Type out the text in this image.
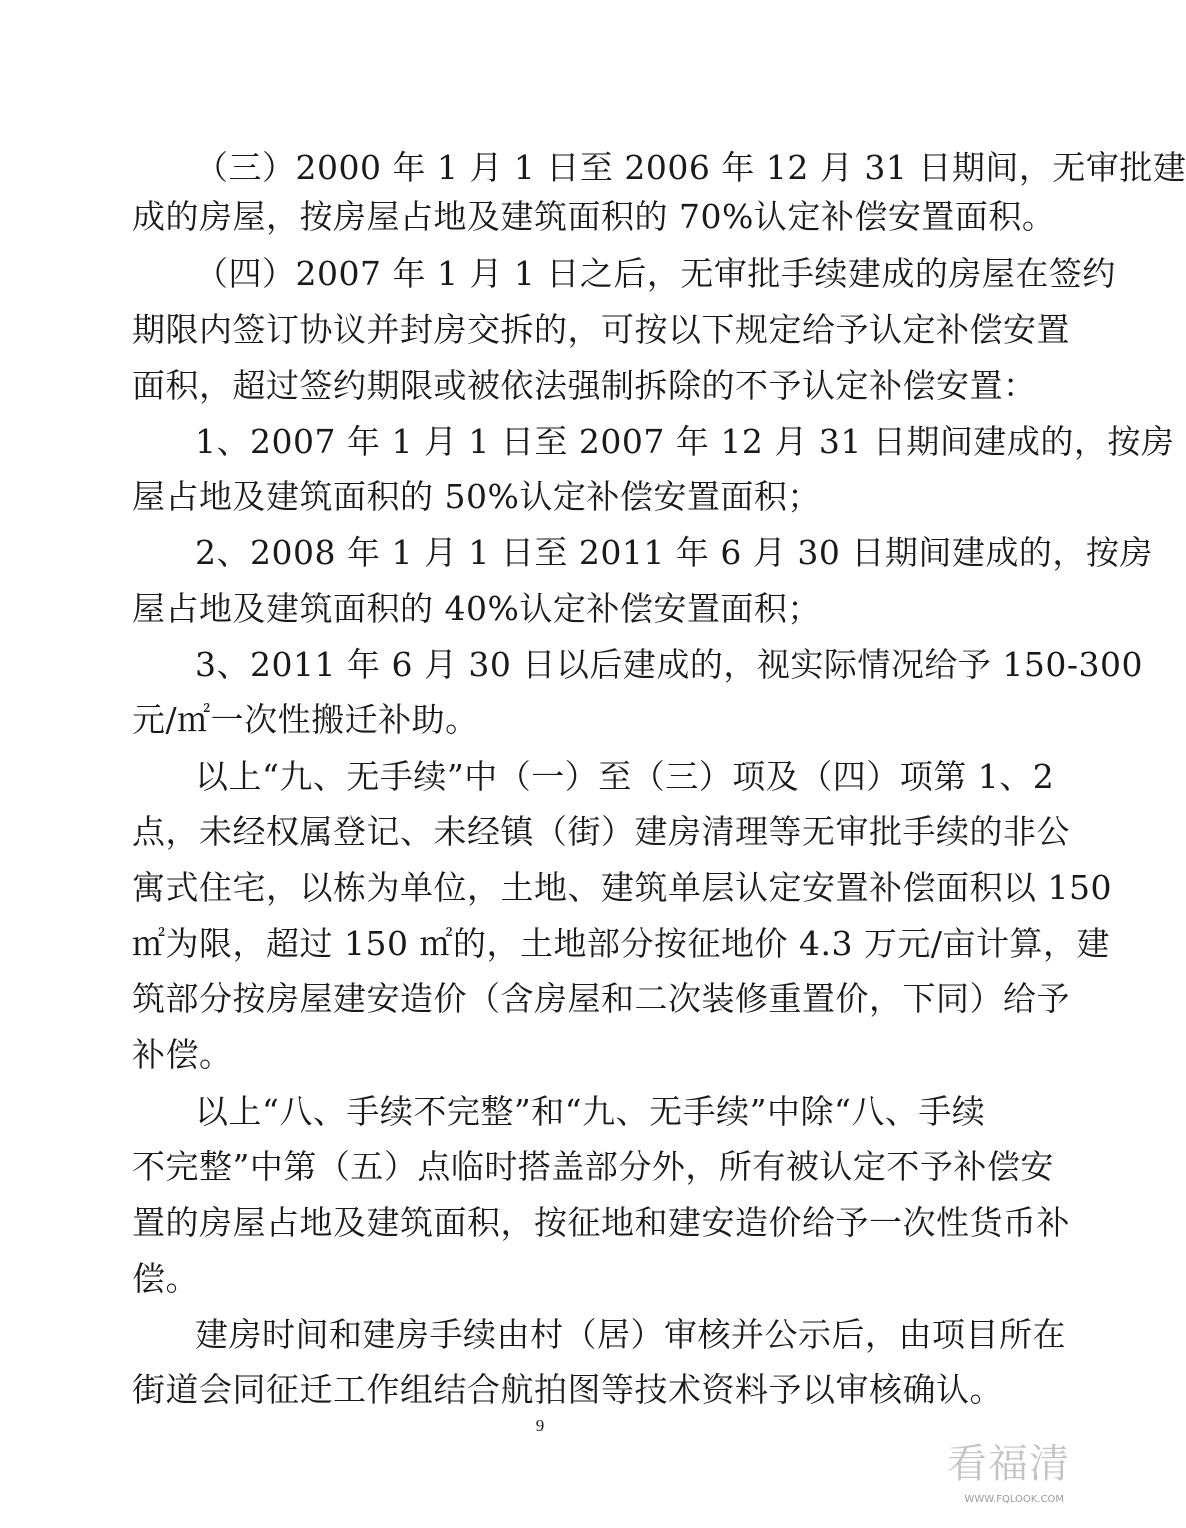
（三）2000 年 1 月 1 日至 2006 年 12 月 31 日期间，无审批建
成的房屋，按房屋占地及建筑面积的 70%认定补偿安置面积。
（四）2007 年 1 月 1 日之后，无审批手续建成的房屋在签约
期限内签订协议并封房交拆的，可按以下规定给予认定补偿安置
面积，超过签约期限或被依法强制拆除的不予认定补偿安置：
1、2007 年 1 月 1 日至 2007 年 12 月 31 日期间建成的，按房
屋占地及建筑面积的 50%认定补偿安置面积；
2、2008 年 1 月 1 日至 2011 年 6 月 30 日期间建成的，按房
屋占地及建筑面积的 40%认定补偿安置面积；
3、2011 年 6 月 30 日以后建成的，视实际情况给予 150-300
元/㎡一次性搬迁补助。
以上“九、无手续”中（一）至（三）项及（四）项第 1、2
点，未经权属登记、未经镇（街）建房清理等无审批手续的非公
寓式住宅，以栋为单位，土地、建筑单层认定安置补偿面积以 150
㎡为限，超过 150 ㎡的，土地部分按征地价 4.3 万元/亩计算，建
筑部分按房屋建安造价（含房屋和二次装修重置价，下同）给予
补偿。
以上“八、手续不完整”和“九、无手续”中除“八、手续
不完整”中第（五）点临时搭盖部分外，所有被认定不予补偿安
置的房屋占地及建筑面积，按征地和建安造价给予一次性货币补
偿。
建房时间和建房手续由村（居）审核并公示后，由项目所在
街道会同征迁工作组结合航拍图等技术资料予以审核确认。
9
看福清
WWW.FQLOOK.COM
